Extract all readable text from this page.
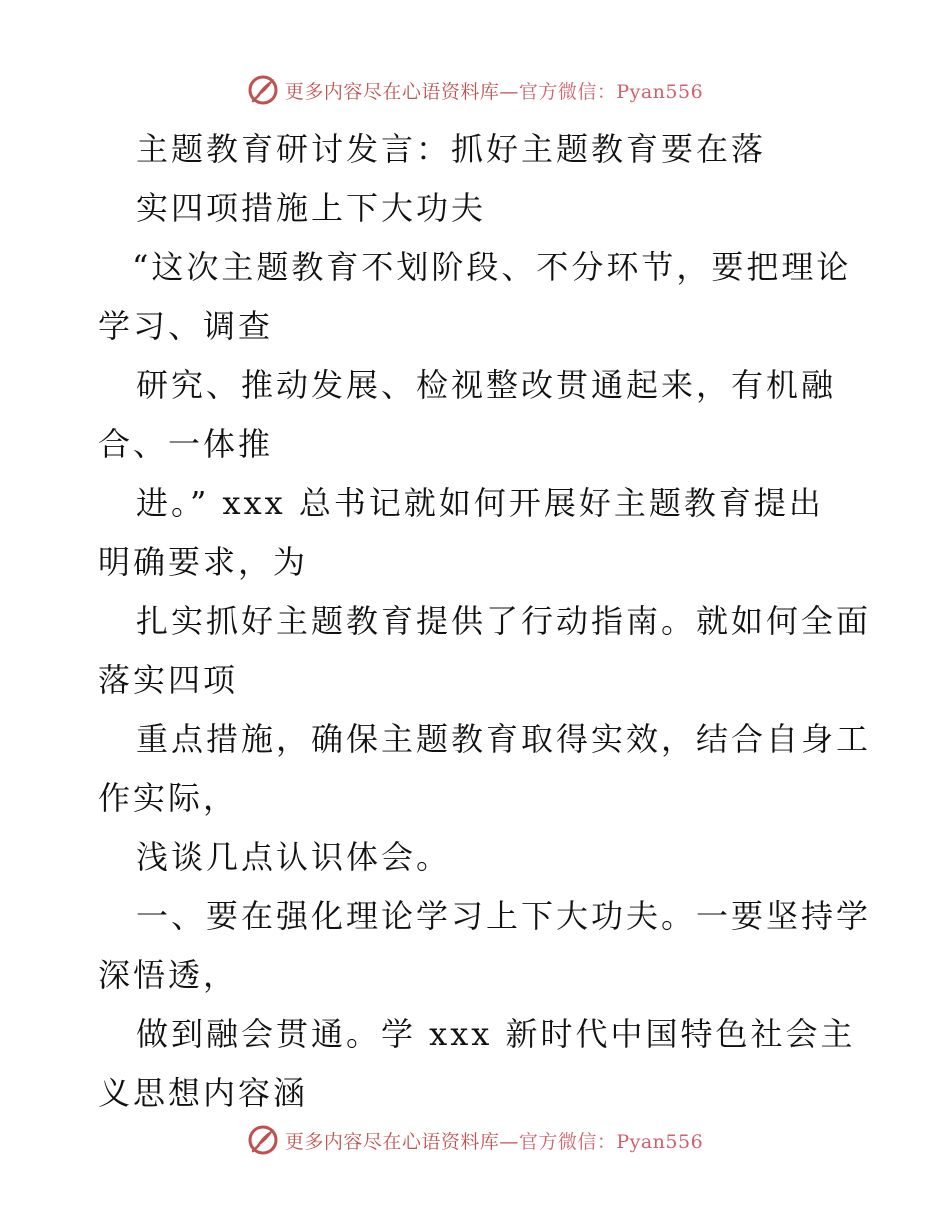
更多内容尽在心语资料库—官方微信：Pyan556
主题教育研讨发言：抓好主题教育要在落
实四项措施上下大功夫
“这次主题教育不划阶段、不分环节，要把理论
学习、调查
研究、推动发展、检视整改贯通起来，有机融
合、一体推
进。” xxx 总书记就如何开展好主题教育提出
明确要求，为
扎实抓好主题教育提供了行动指南。就如何全面
落实四项
重点措施，确保主题教育取得实效，结合自身工
作实际，
浅谈几点认识体会。
一、要在强化理论学习上下大功夫。一要坚持学
深悟透，
做到融会贯通。学 xxx 新时代中国特色社会主
义思想内容涵
更多内容尽在心语资料库—官方微信：Pyan556
